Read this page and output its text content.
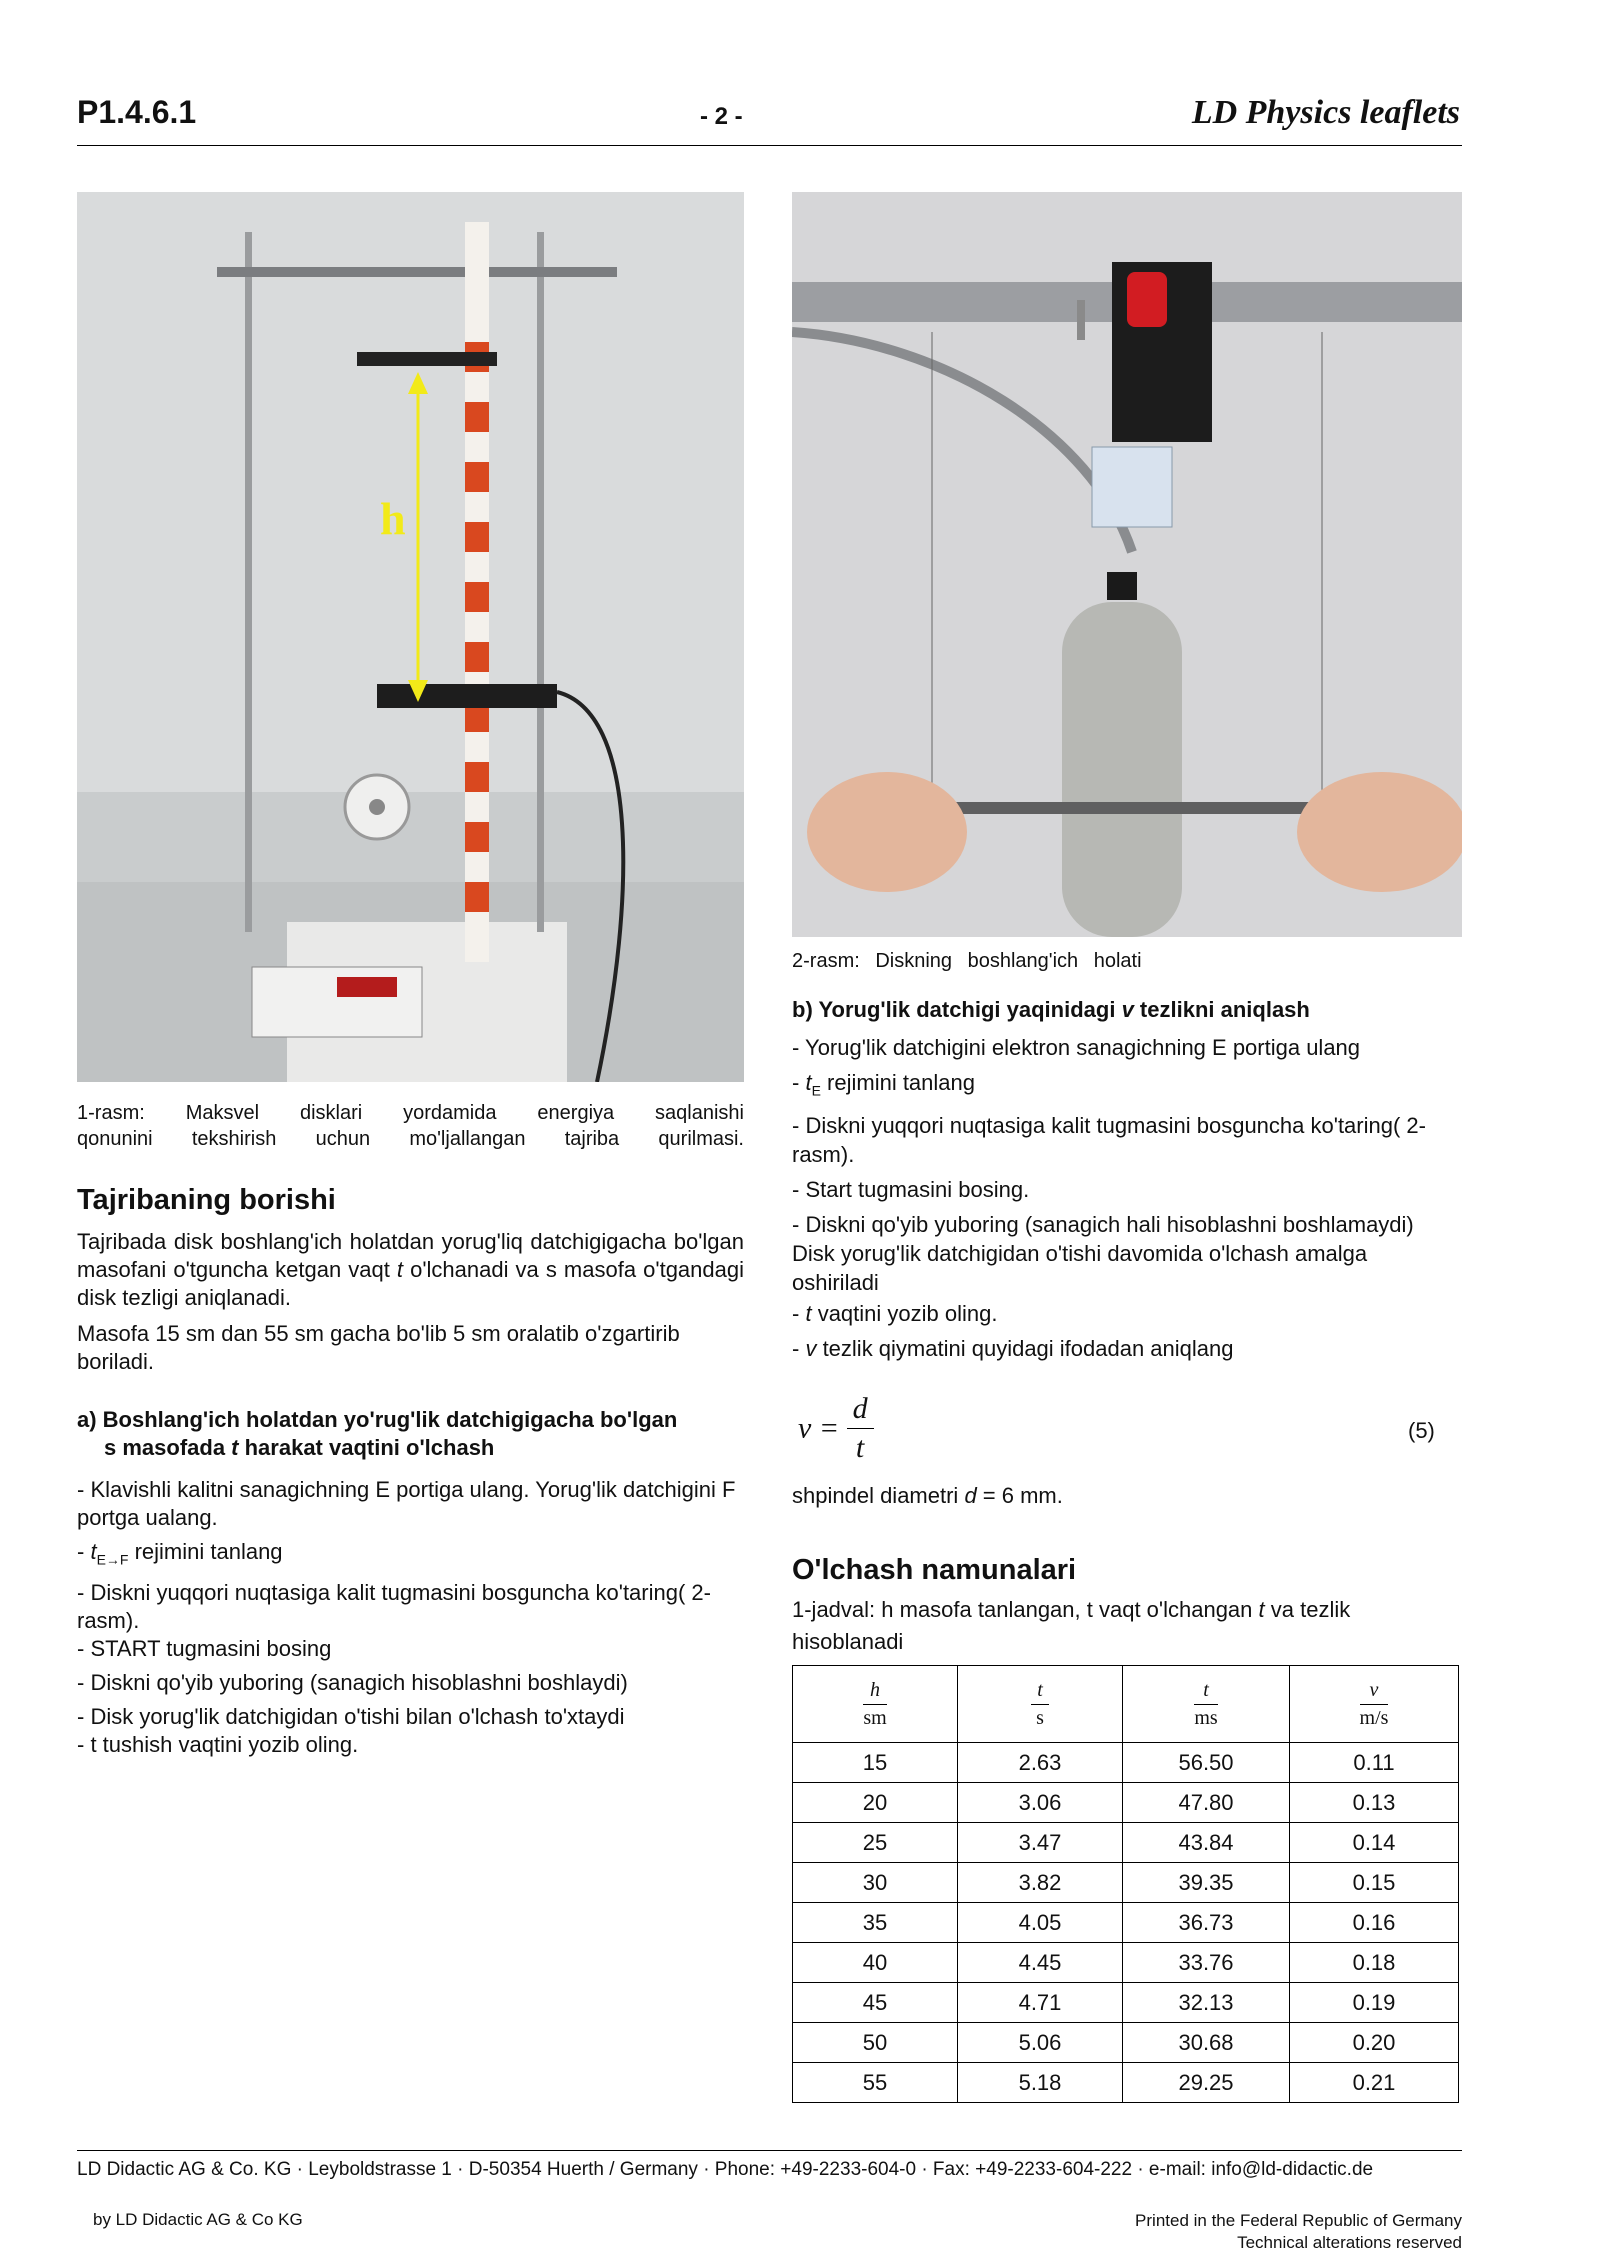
P1.4.6.1	- 2 -	LD Physics leaflets
h
1-rasm: Maksvel disklari yordamida energiya saqlanishi
qonunini tekshirish uchun mo'ljallangan tajriba qurilmasi.
2-rasm: Diskning boshlang'ich holati
Tajribaning borishi

Tajribada disk boshlang'ich holatdan yorug'liq datchigigacha bo'lgan masofani o'tguncha ketgan vaqt t o'lchanadi va s masofa o'tgandagi disk tezligi aniqlanadi.

Masofa 15 sm dan 55 sm gacha bo'lib 5 sm oralatib o'zgartirib boriladi.

a) Boshlang'ich holatdan yo'rug'lik datchigigacha bo'lgan
s masofada t harakat vaqtini o'lchash
- Klavishli kalitni sanagichning E portiga ulang. Yorug'lik datchigini F portga ualang.
- $t_{E\to F}$ rejimini tanlang
- Diskni yuqqori nuqtasiga kalit tugmasini bosguncha ko'taring( 2-rasm).
- START tugmasini bosing
- Diskni qo'yib yuboring (sanagich hisoblashni boshlaydi)
- Disk yorug'lik datchigidan o'tishi bilan o'lchash to'xtaydi
- t tushish vaqtini yozib oling.
b) Yorug'lik datchigi yaqinidagi v tezlikni aniqlash
- Yorug'lik datchigini elektron sanagichning E portiga ulang
- $t_E$ rejimini tanlang
- Diskni yuqqori nuqtasiga kalit tugmasini bosguncha ko'taring( 2-rasm).
- Start tugmasini bosing.
- Diskni qo'yib yuboring (sanagich hali hisoblashni boshlamaydi)
Disk yorug'lik datchigidan o'tishi davomida o'lchash amalga oshiriladi
- t vaqtini yozib oling.
- v tezlik qiymatini quyidagi ifodadan aniqlang
$v = \frac{d}{t}$	(5)
shpindel diametri d = 6 mm.
O'lchash namunalari
1-jadval: h masofa tanlangan, t vaqt o'lchangan t va tezlik hisoblanadi
$\frac{h}{sm}$	$\frac{t}{s}$	$\frac{t}{ms}$	$\frac{v}{m/s}$

15	2.63	56.50	0.11
20	3.06	47.80	0.13
25	3.47	43.84	0.14
30	3.82	39.35	0.15
35	4.05	36.73	0.16
40	4.45	33.76	0.18
45	4.71	32.13	0.19
50	5.06	30.68	0.20
55	5.18	29.25	0.21
LD Didactic AG & Co. KG · Leyboldstrasse 1 · D-50354 Huerth / Germany · Phone: +49-2233-604-0 · Fax: +49-2233-604-222 · e-mail: info@ld-didactic.de
by LD Didactic AG & Co KG	Printed in the Federal Republic of Germany
Technical alterations reserved
